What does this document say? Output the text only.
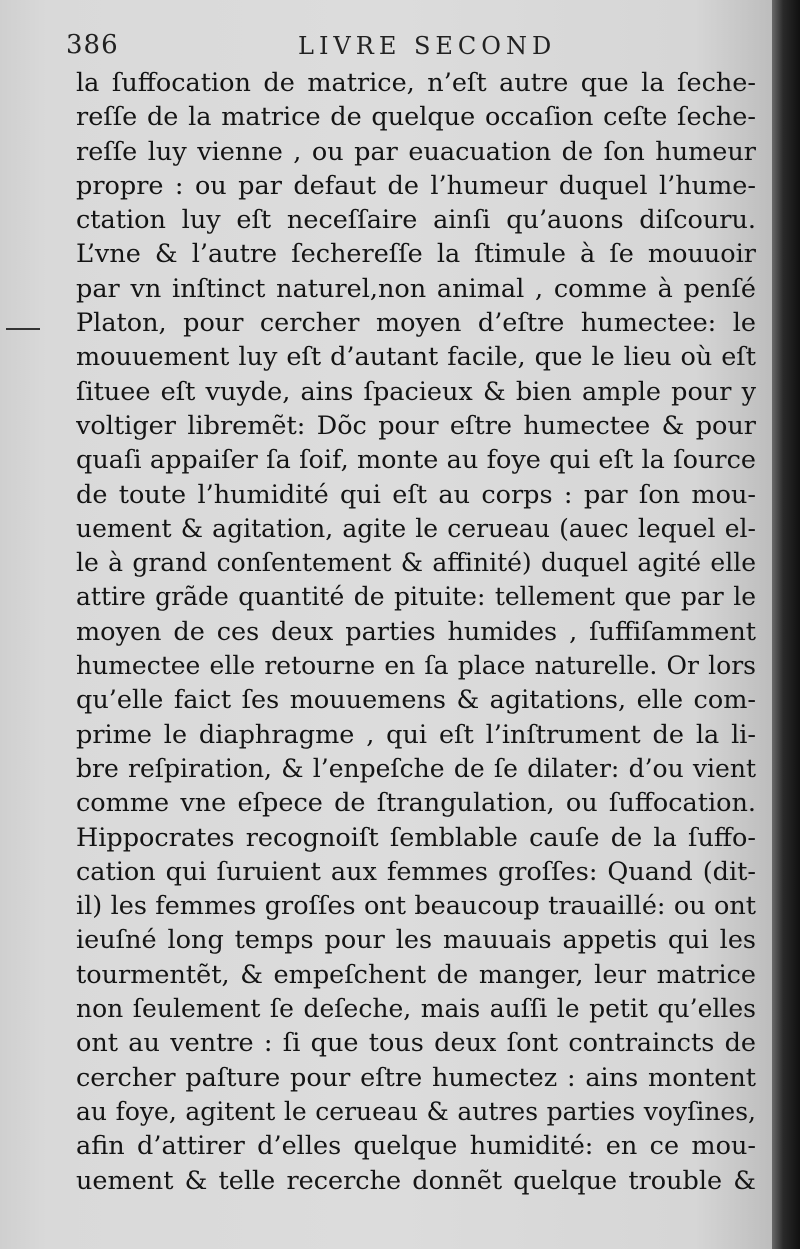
386	LIVRE SECOND
la ſuffocation de matrice, n’eſt autre que la ſeche-
reſſe de la matrice de quelque occaſion ceſte ſeche-
reſſe luy vienne , ou par euacuation de ſon humeur
propre : ou par defaut de l’humeur duquel l’hume-
ctation luy eſt neceſſaire ainſi qu’auons diſcouru.
L’vne & l’autre ſechereſſe la ſtimule à ſe mouuoir
par vn inſtinct naturel,non animal , comme à penſé
Platon, pour cercher moyen d’eſtre humectee: le
mouuement luy eſt d’autant facile, que le lieu où eſt
ſituee eſt vuyde, ains ſpacieux & bien ample pour y
voltiger libremẽt: Dõc pour eſtre humectee & pour
quaſi appaiſer ſa ſoif, monte au foye qui eſt la ſource
de toute l’humidité qui eſt au corps : par ſon mou-
uement & agitation, agite le cerueau (auec lequel el-
le à grand conſentement & affinité) duquel agité elle
attire grãde quantité de pituite: tellement que par le
moyen de ces deux parties humides , ſuffiſamment
humectee elle retourne en ſa place naturelle. Or lors
qu’elle faict ſes mouuemens & agitations, elle com-
prime le diaphragme , qui eſt l’inſtrument de la li-
bre reſpiration, & l’enpeſche de ſe dilater: d’ou vient
comme vne eſpece de ſtrangulation, ou ſuffocation.
Hippocrates recognoiſt ſemblable cauſe de la ſuffo-
cation qui ſuruient aux femmes groſſes: Quand (dit-
il) les femmes groſſes ont beaucoup trauaillé: ou ont
ieuſné long temps pour les mauuais appetis qui les
tourmentẽt, & empeſchent de manger, leur matrice
non ſeulement ſe deſeche, mais auſſi le petit qu’elles
ont au ventre : ſi que tous deux ſont contraincts de
cercher paſture pour eſtre humectez : ains montent
au foye, agitent le cerueau & autres parties voyſines,
afin d’attirer d’elles quelque humidité: en ce mou-
uement & telle recerche donnẽt quelque trouble &
